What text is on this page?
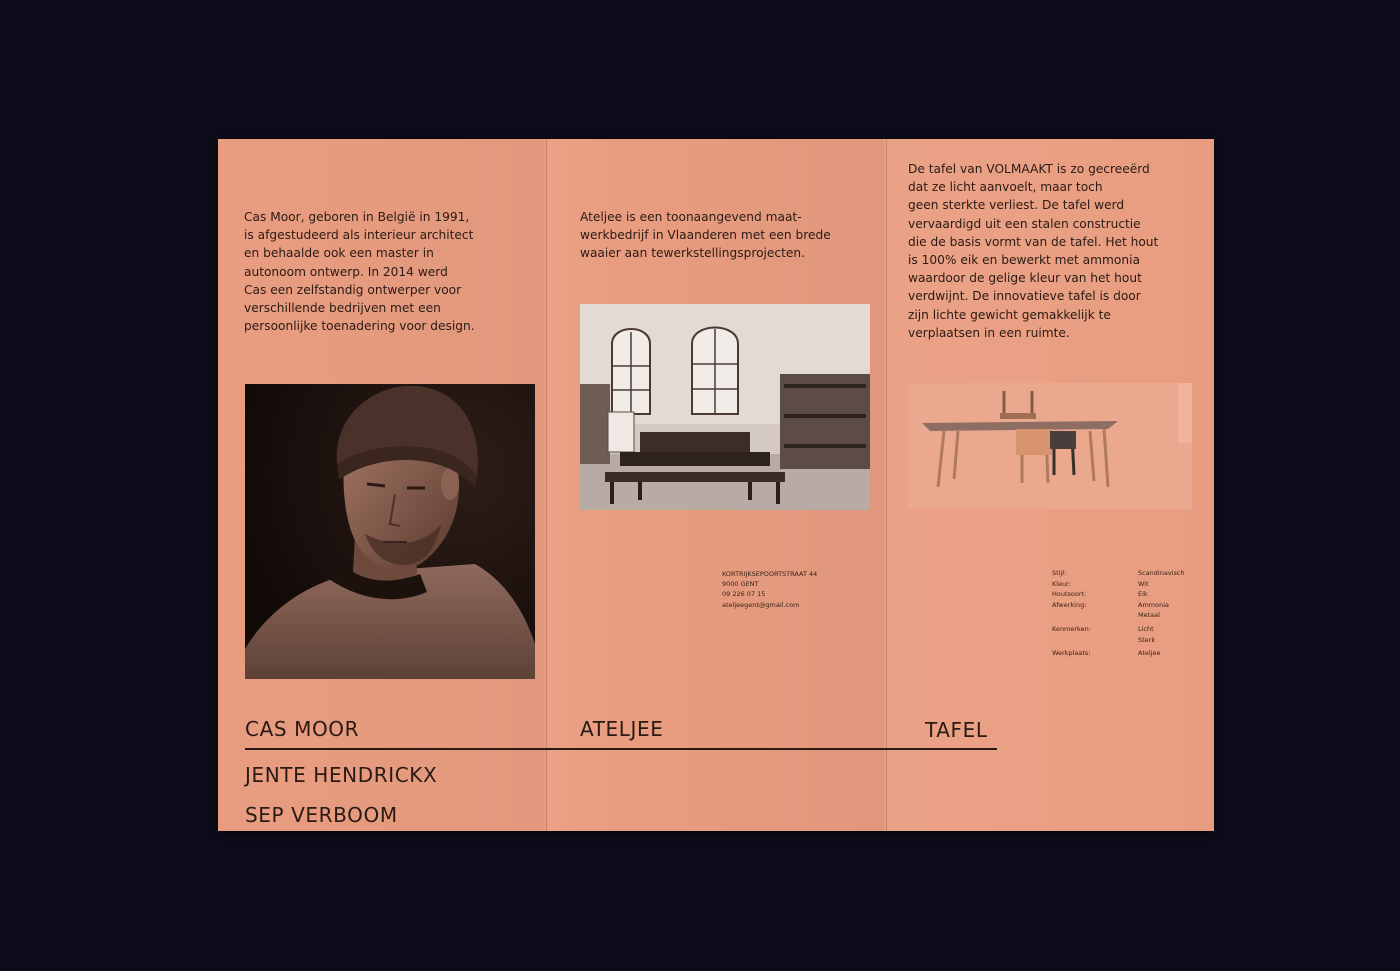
Cas Moor, geboren in België in 1991,
is afgestudeerd als interieur architect
en behaalde ook een master in
autonoom ontwerp. In 2014 werd
Cas een zelfstandig ontwerper voor
verschillende bedrijven met een
persoonlijke toenadering voor design.
CAS MOOR
JENTE HENDRICKX
SEP VERBOOM
Ateljee is een toonaangevend maat-
werkbedrijf in Vlaanderen met een brede
waaier aan tewerkstellingsprojecten.
KORTRIJKSEPOORTSTRAAT 44
9000 GENT
09 226 07 15
ateljeegent@gmail.com
ATELJEE
De tafel van VOLMAAKT is zo gecreeërd
dat ze licht aanvoelt, maar toch
geen sterkte verliest. De tafel werd
vervaardigd uit een stalen constructie
die de basis vormt van de tafel. Het hout
is 100% eik en bewerkt met ammonia
waardoor de gelige kleur van het hout
verdwijnt. De innovatieve tafel is door
zijn lichte gewicht gemakkelijk te
verplaatsen in een ruimte.
Stijl:	Scandinavisch
Kleur:	Wit
Houtsoort:	Eik
Afwerking:	Ammonia
Metaal
Kenmerken:	Licht
Sterk
Werkplaats:	Ateljee
TAFEL
